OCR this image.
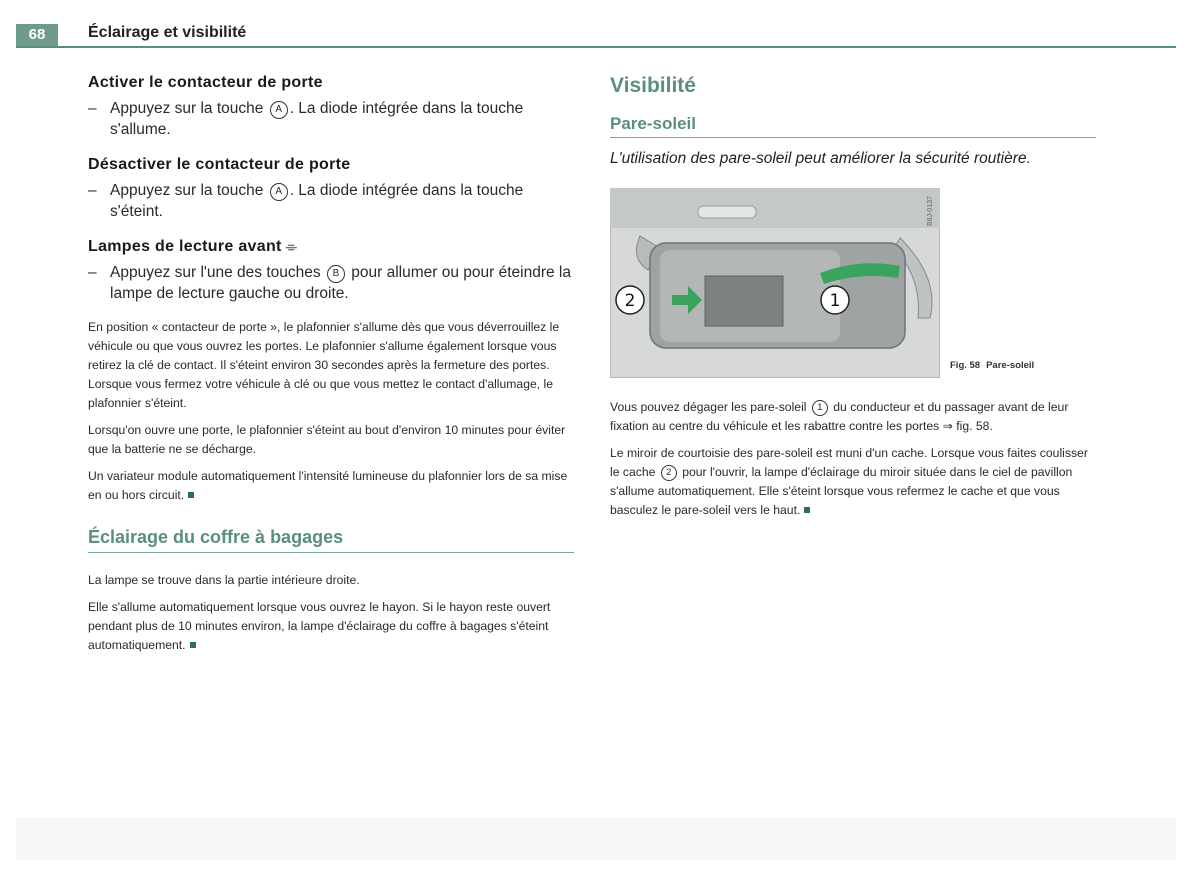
68	Éclairage et visibilité
Activer le contacteur de porte

– Appuyez sur la touche A . La diode intégrée dans la touche s'allume.

Désactiver le contacteur de porte

– Appuyez sur la touche A . La diode intégrée dans la touche s'éteint.

Lampes de lecture avant ⌯

– Appuyez sur l'une des touches B pour allumer ou pour éteindre la lampe de lecture gauche ou droite.

En position « contacteur de porte », le plafonnier s'allume dès que vous déverrouillez le véhicule ou que vous ouvrez les portes. Le plafonnier s'allume également lorsque vous retirez la clé de contact. Il s'éteint environ 30 secondes après la fermeture des portes. Lorsque vous fermez votre véhicule à clé ou que vous mettez le contact d'allumage, le plafonnier s'éteint.

Lorsqu'on ouvre une porte, le plafonnier s'éteint au bout d'environ 10 minutes pour éviter que la batterie ne se décharge.

Un variateur module automatiquement l'intensité lumineuse du plafonnier lors de sa mise en ou hors circuit.

Éclairage du coffre à bagages

La lampe se trouve dans la partie intérieure droite.

Elle s'allume automatiquement lorsque vous ouvrez le hayon. Si le hayon reste ouvert pendant plus de 10 minutes environ, la lampe d'éclairage du coffre à bagages s'éteint automatiquement.

Visibilité
Pare-soleil

L'utilisation des pare-soleil peut améliorer la sécurité routière.

2	1
B8J-0137
Fig. 58 Pare-soleil

Vous pouvez dégager les pare-soleil 1 du conducteur et du passager avant de leur fixation au centre du véhicule et les rabattre contre les portes ⇒ fig. 58.

Le miroir de courtoisie des pare-soleil est muni d'un cache. Lorsque vous faites coulisser le cache 2 pour l'ouvrir, la lampe d'éclairage du miroir située dans le ciel de pavillon s'allume automatiquement. Elle s'éteint lorsque vous refermez le cache et que vous basculez le pare-soleil vers le haut.
